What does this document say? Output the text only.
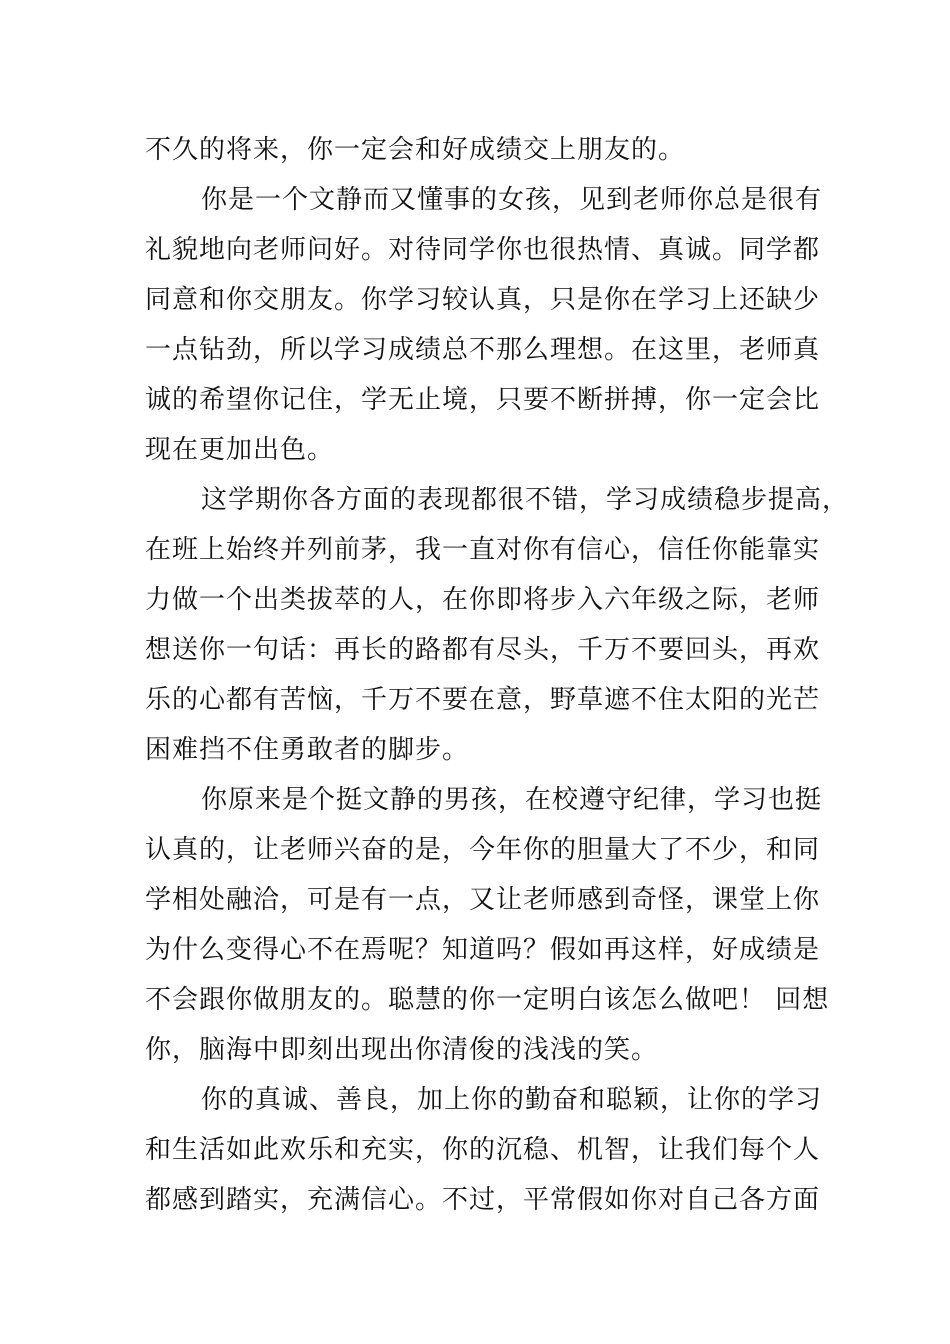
不久的将来，你一定会和好成绩交上朋友的。
你是一个文静而又懂事的女孩，见到老师你总是很有
礼貌地向老师问好。对待同学你也很热情、真诚。同学都
同意和你交朋友。你学习较认真，只是你在学习上还缺少
一点钻劲，所以学习成绩总不那么理想。在这里，老师真
诚的希望你记住，学无止境，只要不断拼搏，你一定会比
现在更加出色。
这学期你各方面的表现都很不错，学习成绩稳步提高，
在班上始终并列前茅，我一直对你有信心，信任你能靠实
力做一个出类拔萃的人，在你即将步入六年级之际，老师
想送你一句话：再长的路都有尽头，千万不要回头，再欢
乐的心都有苦恼，千万不要在意，野草遮不住太阳的光芒
困难挡不住勇敢者的脚步。
你原来是个挺文静的男孩，在校遵守纪律，学习也挺
认真的，让老师兴奋的是，今年你的胆量大了不少，和同
学相处融洽，可是有一点，又让老师感到奇怪，课堂上你
为什么变得心不在焉呢？知道吗？假如再这样，好成绩是
不会跟你做朋友的。聪慧的你一定明白该怎么做吧！ 回想
你，脑海中即刻出现出你清俊的浅浅的笑。
你的真诚、善良，加上你的勤奋和聪颖，让你的学习
和生活如此欢乐和充实，你的沉稳、机智，让我们每个人
都感到踏实，充满信心。不过，平常假如你对自己各方面
